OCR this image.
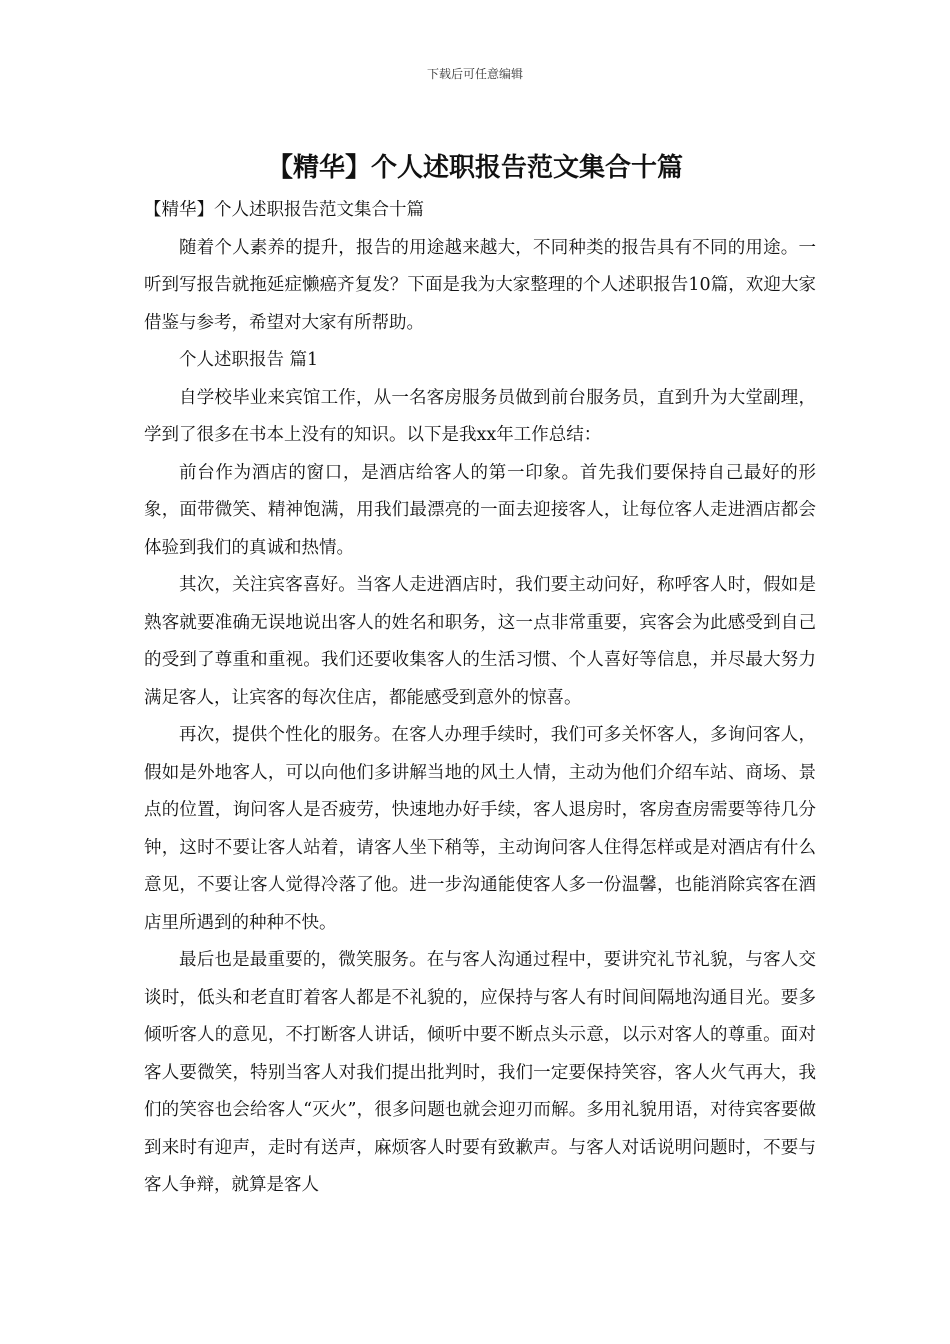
下载后可任意编辑
【精华】个人述职报告范文集合十篇

【精华】个人述职报告范文集合十篇

随着个人素养的提升，报告的用途越来越大，不同种类的报告具有不同的用途。一听到写报告就拖延症懒癌齐复发？下面是我为大家整理的个人述职报告10篇，欢迎大家借鉴与参考，希望对大家有所帮助。

个人述职报告 篇1

自学校毕业来宾馆工作，从一名客房服务员做到前台服务员，直到升为大堂副理，学到了很多在书本上没有的知识。以下是我xx年工作总结：

前台作为酒店的窗口，是酒店给客人的第一印象。首先我们要保持自己最好的形象，面带微笑、精神饱满，用我们最漂亮的一面去迎接客人，让每位客人走进酒店都会体验到我们的真诚和热情。

其次，关注宾客喜好。当客人走进酒店时，我们要主动问好，称呼客人时，假如是熟客就要准确无误地说出客人的姓名和职务，这一点非常重要，宾客会为此感受到自己的受到了尊重和重视。我们还要收集客人的生活习惯、个人喜好等信息，并尽最大努力满足客人，让宾客的每次住店，都能感受到意外的惊喜。

再次，提供个性化的服务。在客人办理手续时，我们可多关怀客人，多询问客人，假如是外地客人，可以向他们多讲解当地的风土人情，主动为他们介绍车站、商场、景点的位置，询问客人是否疲劳，快速地办好手续，客人退房时，客房查房需要等待几分钟，这时不要让客人站着，请客人坐下稍等，主动询问客人住得怎样或是对酒店有什么意见，不要让客人觉得冷落了他。进一步沟通能使客人多一份温馨，也能消除宾客在酒店里所遇到的种种不快。

最后也是最重要的，微笑服务。在与客人沟通过程中，要讲究礼节礼貌，与客人交谈时，低头和老直盯着客人都是不礼貌的，应保持与客人有时间间隔地沟通目光。要多倾听客人的意见，不打断客人讲话，倾听中要不断点头示意，以示对客人的尊重。面对客人要微笑，特别当客人对我们提出批判时，我们一定要保持笑容，客人火气再大，我们的笑容也会给客人“灭火”，很多问题也就会迎刃而解。多用礼貌用语，对待宾客要做到来时有迎声，走时有送声，麻烦客人时要有致歉声。与客人对话说明问题时，不要与客人争辩，就算是客人
